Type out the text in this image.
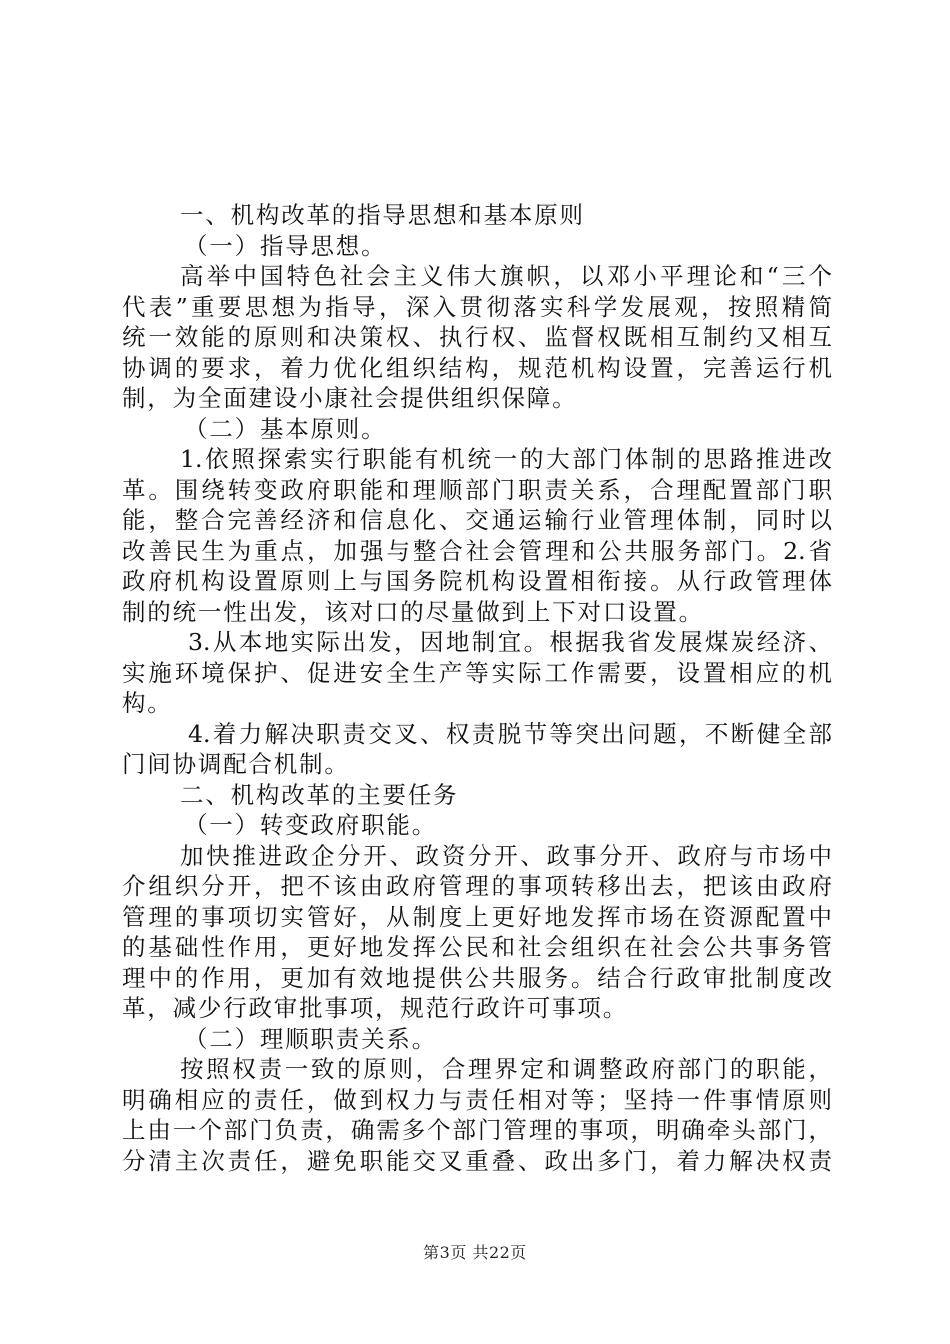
一、机构改革的指导思想和基本原则
（一）指导思想。
高举中国特色社会主义伟大旗帜，以邓小平理论和“三个
代表”重要思想为指导，深入贯彻落实科学发展观，按照精简
统一效能的原则和决策权、执行权、监督权既相互制约又相互
协调的要求，着力优化组织结构，规范机构设置，完善运行机
制，为全面建设小康社会提供组织保障。
（二）基本原则。
1.依照探索实行职能有机统一的大部门体制的思路推进改
革。围绕转变政府职能和理顺部门职责关系，合理配置部门职
能，整合完善经济和信息化、交通运输行业管理体制，同时以
改善民生为重点，加强与整合社会管理和公共服务部门。2.省
政府机构设置原则上与国务院机构设置相衔接。从行政管理体
制的统一性出发，该对口的尽量做到上下对口设置。
3.从本地实际出发，因地制宜。根据我省发展煤炭经济、
实施环境保护、促进安全生产等实际工作需要，设置相应的机
构。
4.着力解决职责交叉、权责脱节等突出问题，不断健全部
门间协调配合机制。
二、机构改革的主要任务
（一）转变政府职能。
加快推进政企分开、政资分开、政事分开、政府与市场中
介组织分开，把不该由政府管理的事项转移出去，把该由政府
管理的事项切实管好，从制度上更好地发挥市场在资源配置中
的基础性作用，更好地发挥公民和社会组织在社会公共事务管
理中的作用，更加有效地提供公共服务。结合行政审批制度改
革，减少行政审批事项，规范行政许可事项。
（二）理顺职责关系。
按照权责一致的原则，合理界定和调整政府部门的职能，
明确相应的责任，做到权力与责任相对等；坚持一件事情原则
上由一个部门负责，确需多个部门管理的事项，明确牵头部门，
分清主次责任，避免职能交叉重叠、政出多门，着力解决权责
第3页 共22页
